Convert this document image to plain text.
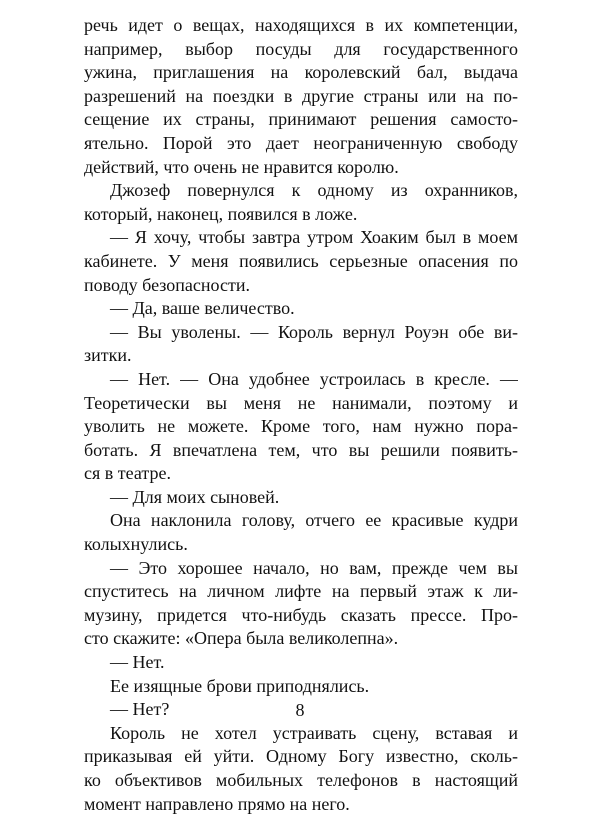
речь идет о вещах, находящихся в их компетенции,
например, выбор посуды для государственного
ужина, приглашения на королевский бал, выдача
разрешений на поездки в другие страны или на по-
сещение их страны, принимают решения самосто-
ятельно. Порой это дает неограниченную свободу
действий, что очень не нравится королю.
Джозеф повернулся к одному из охранников,
который, наконец, появился в ложе.
— Я хочу, чтобы завтра утром Хоаким был в моем
кабинете. У меня появились серьезные опасения по
поводу безопасности.
— Да, ваше величество.
— Вы уволены. — Король вернул Роуэн обе ви-
зитки.
— Нет. — Она удобнее устроилась в кресле. —
Теоретически вы меня не нанимали, поэтому и
уволить не можете. Кроме того, нам нужно пора-
ботать. Я впечатлена тем, что вы решили появить-
ся в театре.
— Для моих сыновей.
Она наклонила голову, отчего ее красивые кудри
колыхнулись.
— Это хорошее начало, но вам, прежде чем вы
спуститесь на личном лифте на первый этаж к ли-
музину, придется что-нибудь сказать прессе. Про-
сто скажите: «Опера была великолепна».
— Нет.
Ее изящные брови приподнялись.
— Нет?
Король не хотел устраивать сцену, вставая и
приказывая ей уйти. Одному Богу известно, сколь-
ко объективов мобильных телефонов в настоящий
момент направлено прямо на него.
8
